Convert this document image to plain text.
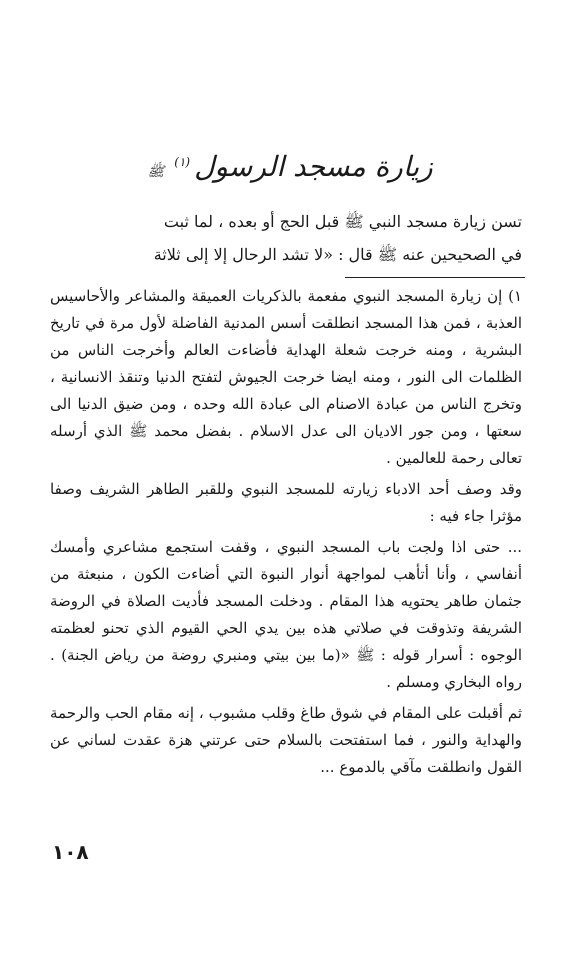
زيارة مسجد الرسول$^{(١)}$ﷺ

تسن زيارة مسجد النبي ﷺ قبل الحج أو بعده ، لما ثبت

في الصحيحين عنه ﷺ قال : «لا تشد الرحال إلا إلى ثلاثة

١) إن زيارة المسجد النبوي مفعمة بالذكريات العميقة والمشاعر والأحاسيس العذبة ، فمن هذا المسجد انطلقت أسس المدنية الفاضلة لأول مرة في تاريخ البشرية ، ومنه خرجت شعلة الهداية فأضاءت العالم وأخرجت الناس من الظلمات الى النور ، ومنه ايضا خرجت الجيوش لتفتح الدنيا وتنقذ الانسانية ، وتخرج الناس من عبادة الاصنام الى عبادة الله وحده ، ومن ضيق الدنيا الى سعتها ، ومن جور الاديان الى عدل الاسلام . بفضل محمد ﷺ الذي أرسله تعالى رحمة للعالمين .

وقد وصف أحد الادباء زيارته للمسجد النبوي وللقبر الطاهر الشريف وصفا مؤثرا جاء فيه :

... حتى اذا ولجت باب المسجد النبوي ، وقفت استجمع مشاعري وأمسك أنفاسي ، وأنا أتأهب لمواجهة أنوار النبوة التي أضاءت الكون ، منبعثة من جثمان طاهر يحتويه هذا المقام . ودخلت المسجد فأديت الصلاة في الروضة الشريفة وتذوقت في صلاتي هذه بين يدي الحي القيوم الذي تحنو لعظمته الوجوه : أسرار قوله : ﷺ «(ما بين بيتي ومنبري روضة من رياض الجنة) . رواه البخاري ومسلم .

ثم أقبلت على المقام في شوق طاغ وقلب مشبوب ، إنه مقام الحب والرحمة والهداية والنور ، فما استفتحت بالسلام حتى عرتني هزة عقدت لساني عن القول وانطلقت مآقي بالدموع ...

١٠٨
